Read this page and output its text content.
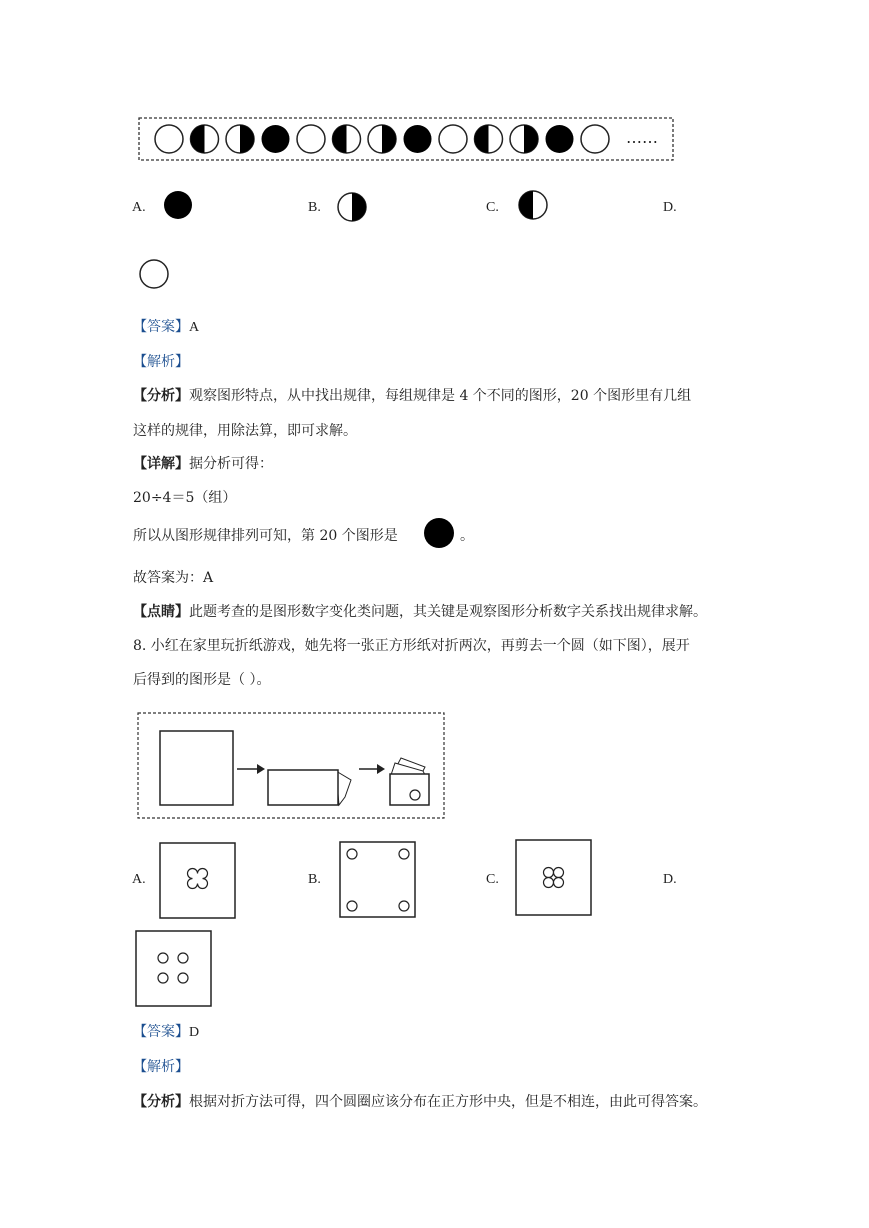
……
A.	B.	C.	D.
【答案】A
【解析】
【分析】观察图形特点，从中找出规律，每组规律是 4 个不同的图形，20 个图形里有几组
这样的规律，用除法算，即可求解。
【详解】据分析可得：
20÷4＝5（组）
所以从图形规律排列可知，第 20 个图形是	。
故答案为：A
【点睛】此题考查的是图形数字变化类问题，其关键是观察图形分析数字关系找出规律求解。
8. 小红在家里玩折纸游戏，她先将一张正方形纸对折两次，再剪去一个圆（如下图），展开
后得到的图形是（ ）。
A.	B.	C.	D.
【答案】D
【解析】
【分析】根据对折方法可得，四个圆圈应该分布在正方形中央，但是不相连，由此可得答案。
